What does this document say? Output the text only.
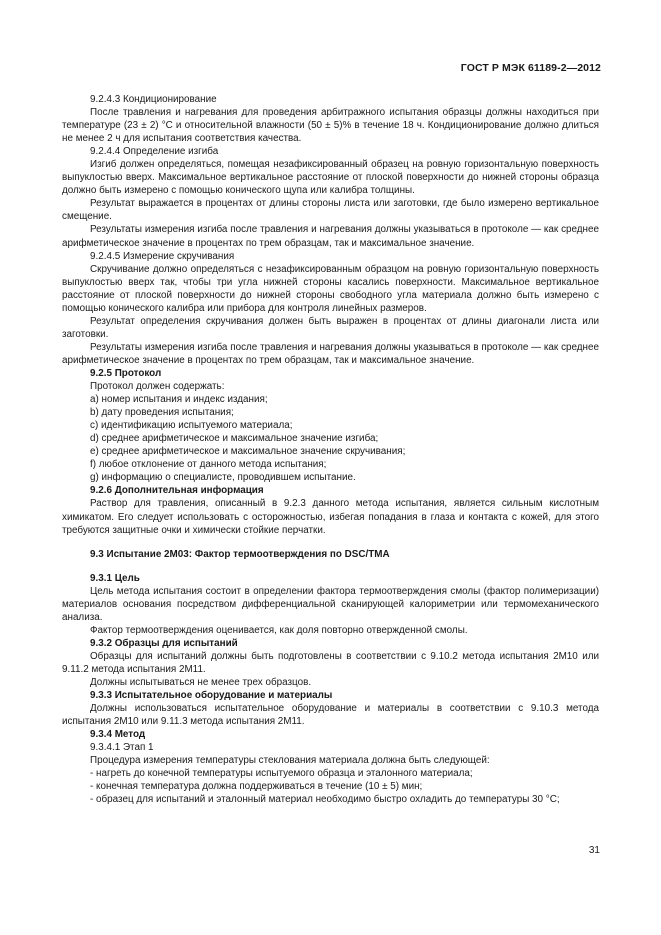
ГОСТ Р МЭК 61189-2—2012

9.2.4.3 Кондиционирование

После травления и нагревания для проведения арбитражного испытания образцы должны находиться при температуре (23 ± 2) °С и относительной влажности (50 ± 5)% в течение 18 ч. Кондиционирование должно длиться не менее 2 ч для испытания соответствия качества.

9.2.4.4 Определение изгиба

Изгиб должен определяться, помещая незафиксированный образец на ровную горизонтальную поверхность выпуклостью вверх. Максимальное вертикальное расстояние от плоской поверхности до нижней стороны образца должно быть измерено с помощью конического щупа или калибра толщины.

Результат выражается в процентах от длины стороны листа или заготовки, где было измерено вертикальное смещение.

Результаты измерения изгиба после травления и нагревания должны указываться в протоколе — как среднее арифметическое значение в процентах по трем образцам, так и максимальное значение.

9.2.4.5 Измерение скручивания

Скручивание должно определяться с незафиксированным образцом на ровную горизонтальную поверхность выпуклостью вверх так, чтобы три угла нижней стороны касались поверхности. Максимальное вертикальное расстояние от плоской поверхности до нижней стороны свободного угла материала должно быть измерено с помощью конического калибра или прибора для контроля линейных размеров.

Результат определения скручивания должен быть выражен в процентах от длины диагонали листа или заготовки.

Результаты измерения изгиба после травления и нагревания должны указываться в протоколе — как среднее арифметическое значение в процентах по трем образцам, так и максимальное значение.

9.2.5 Протокол

Протокол должен содержать:

а) номер испытания и индекс издания;

b) дату проведения испытания;

с) идентификацию испытуемого материала;

d) среднее арифметическое и максимальное значение изгиба;

е) среднее арифметическое и максимальное значение скручивания;

f) любое отклонение от данного метода испытания;

g) информацию о специалисте, проводившем испытание.

9.2.6 Дополнительная информация

Раствор для травления, описанный в 9.2.3 данного метода испытания, является сильным кислотным химикатом. Его следует использовать с осторожностью, избегая попадания в глаза и контакта с кожей, для этого требуются защитные очки и химически стойкие перчатки.

9.3 Испытание 2М03: Фактор термоотверждения по DSC/TMA

9.3.1 Цель

Цель метода испытания состоит в определении фактора термоотверждения смолы (фактор полимеризации) материалов основания посредством дифференциальной сканирующей калориметрии или термомеханического анализа.

Фактор термоотверждения оценивается, как доля повторно отвержденной смолы.

9.3.2 Образцы для испытаний

Образцы для испытаний должны быть подготовлены в соответствии с 9.10.2 метода испытания 2М10 или 9.11.2 метода испытания 2М11.

Должны испытываться не менее трех образцов.

9.3.3 Испытательное оборудование и материалы

Должны использоваться испытательное оборудование и материалы в соответствии с 9.10.3 метода испытания 2М10 или 9.11.3 метода испытания 2М11.

9.3.4 Метод

9.3.4.1 Этап 1

Процедура измерения температуры стеклования материала должна быть следующей:

- нагреть до конечной температуры испытуемого образца и эталонного материала;

- конечная температура должна поддерживаться в течение (10 ± 5) мин;

- образец для испытаний и эталонный материал необходимо быстро охладить до температуры 30 °С;

31
